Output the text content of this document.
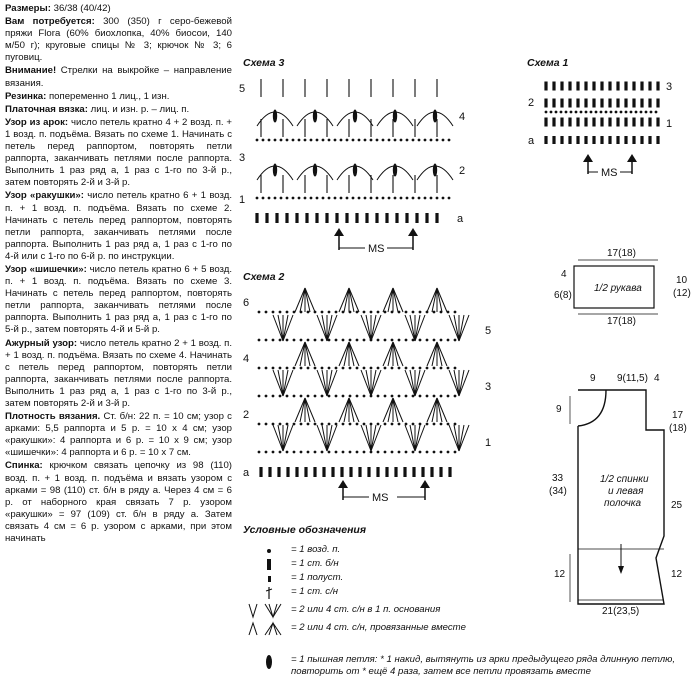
Размеры: 36/38 (40/42)

Вам потребуется: 300 (350) г серо-бежевой пряжи Flora (60% биохлопка, 40% биосои, 140 м/50 г); круговые спицы № 3; крючок № 3; 6 пуговиц.

Внимание! Стрелки на выкройке – направление вязания.

Резинка: попеременно 1 лиц., 1 изн.

Платочная вязка: лиц. и изн. р. – лиц. п.

Узор из арок: число петель кратно 4 + 2 возд. п. + 1 возд. п. подъёма. Вязать по схеме 1. Начинать с петель перед раппортом, повторять петли раппорта, заканчивать петлями после раппорта. Выполнить 1 раз ряд а, 1 раз с 1-го по 3-й р., затем повторять 2-й и 3-й р.

Узор «ракушки»: число петель кратно 6 + 1 возд. п. + 1 возд. п. подъёма. Вязать по схеме 2. Начинать с петель перед раппортом, повторять петли раппорта, заканчивать петлями после раппорта. Выполнить 1 раз ряд а, 1 раз с 1-го по 4-й или с 1-го по 6-й р. по инструкции.

Узор «шишечки»: число петель кратно 6 + 5 возд. п. + 1 возд. п. подъёма. Вязать по схеме 3. Начинать с петель перед раппортом, повторять петли раппорта, заканчивать петлями после раппорта. Выполнить 1 раз ряд а, 1 раз с 1-го по 5-й р., затем повторять 4-й и 5-й р.

Ажурный узор: число петель кратно 2 + 1 возд. п. + 1 возд. п. подъёма. Вязать по схеме 4. Начинать с петель перед раппортом, повторять петли раппорта, заканчивать петлями после раппорта. Выполнить 1 раз ряд а, 1 раз с 1-го по 3-й р., затем повторять 2-й и 3-й р.

Плотность вязания. Ст. б/н: 22 п. = 10 см; узор с арками: 5,5 раппорта и 5 р. = 10 х 4 см; узор «ракушки»: 4 раппорта и 6 р. = 10 х 9 см; узор «шишечки»: 4 раппорта и 6 р. = 10 х 7 см.

Спинка: крючком связать цепочку из 98 (110) возд. п. + 1 возд. п. подъёма и вязать узором с арками = 98 (110) ст. б/н в ряду а. Через 4 см = 6 р. от наборного края связать 7 р. узором «ракушки» = 97 (109) ст. б/н в ряду а. Затем связать 4 см = 6 р. узором с арками, при этом начинать

Схема 3
5
3
1
4
2
а
MS
Схема 1
2
3
1
а
MS
Схема 2
6
4
2
5
3
1
а
MS
17(18)
1/2 рукава
4
6(8)
10
(12)
17(18)
9 9(11,5) 4
1/2 спинки
и левая
полочка
9
33
(34)
12
17
(18)
25
12
21(23,5)
Условные обозначения
= 1 возд. п.
= 1 ст. б/н
= 1 полуст.
= 1 ст. с/н
= 2 или 4 ст. с/н в 1 п. основания
= 2 или 4 ст. с/н, провязанные вместе
= 1 пышная петля: * 1 накид, вытянуть из арки предыдущего ряда длинную петлю, повторить от * ещё 4 раза, затем все петли провязать вместе
